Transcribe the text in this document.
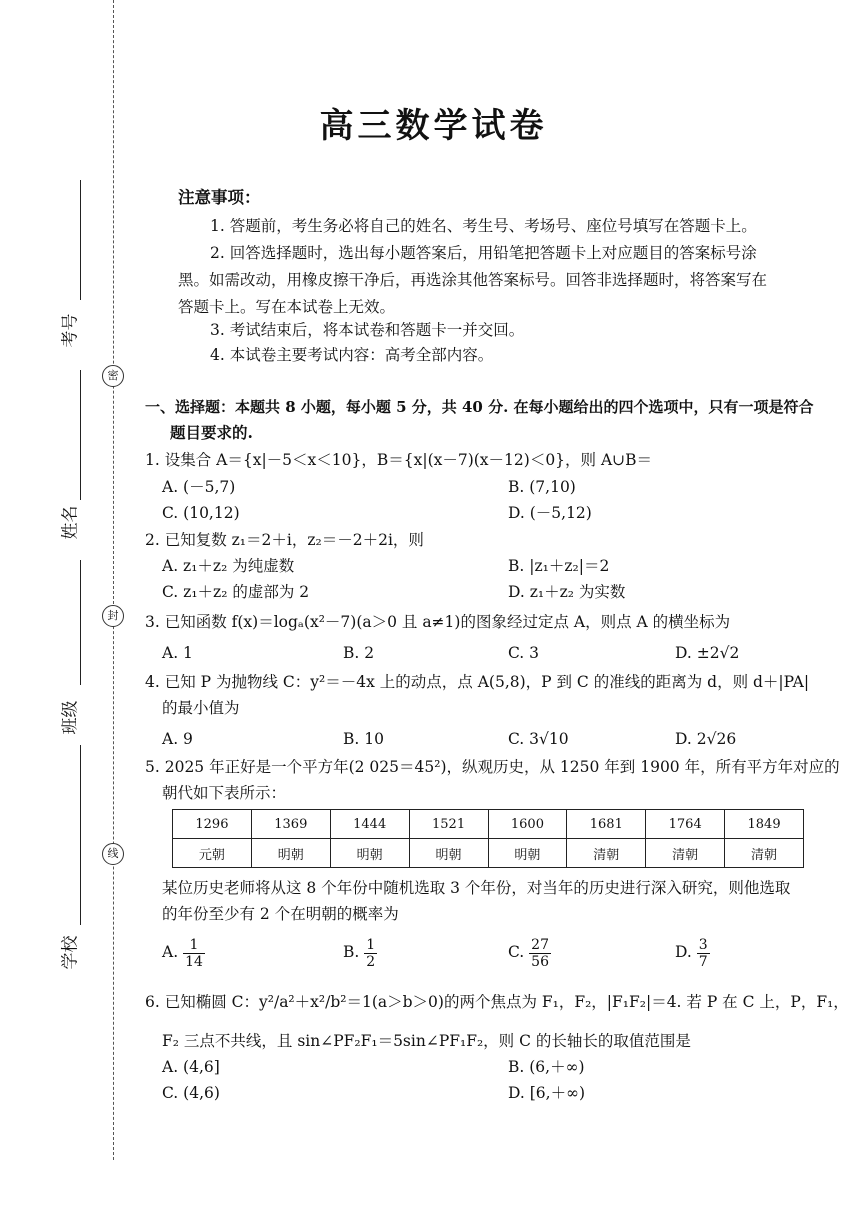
密
封
线
考号
姓名
班级
学校
高三数学试卷
注意事项：
1. 答题前，考生务必将自己的姓名、考生号、考场号、座位号填写在答题卡上。
2. 回答选择题时，选出每小题答案后，用铅笔把答题卡上对应题目的答案标号涂
黑。如需改动，用橡皮擦干净后，再选涂其他答案标号。回答非选择题时，将答案写在
答题卡上。写在本试卷上无效。
3. 考试结束后，将本试卷和答题卡一并交回。
4. 本试卷主要考试内容：高考全部内容。
一、选择题：本题共 8 小题，每小题 5 分，共 40 分. 在每小题给出的四个选项中，只有一项是符合
题目要求的.
1. 设集合 A＝{x|－5＜x＜10}，B＝{x|(x－7)(x－12)＜0}，则 A∪B＝
A. (－5,7)	B. (7,10)
C. (10,12)	D. (－5,12)
2. 已知复数 z₁＝2＋i，z₂＝－2＋2i，则
A. z₁＋z₂ 为纯虚数	B. |z₁＋z₂|＝2
C. z₁＋z₂ 的虚部为 2	D. z₁＋z₂ 为实数
3. 已知函数 f(x)＝logₐ(x²－7)(a＞0 且 a≠1)的图象经过定点 A，则点 A 的横坐标为
A. 1	B. 2	C. 3	D. ±2√2
4. 已知 P 为抛物线 C：y²＝－4x 上的动点，点 A(5,8)，P 到 C 的准线的距离为 d，则 d＋|PA|
的最小值为
A. 9	B. 10	C. 3√10	D. 2√26
5. 2025 年正好是一个平方年(2 025＝45²)，纵观历史，从 1250 年到 1900 年，所有平方年对应的
朝代如下表所示：
1296	1369	1444	1521	1600	1681	1764	1849
元朝	明朝	明朝	明朝	明朝	清朝	清朝	清朝
某位历史老师将从这 8 个年份中随机选取 3 个年份，对当年的历史进行深入研究，则他选取
的年份至少有 2 个在明朝的概率为
A. $\frac{1}{14}$	B. $\frac{1}{2}$	C. $\frac{27}{56}$	D. $\frac{3}{7}$
6. 已知椭圆 C：y²/a²＋x²/b²＝1(a＞b＞0)的两个焦点为 F₁，F₂，|F₁F₂|＝4. 若 P 在 C 上，P，F₁，
F₂ 三点不共线，且 sin∠PF₂F₁＝5sin∠PF₁F₂，则 C 的长轴长的取值范围是
A. (4,6]	B. (6,＋∞)
C. (4,6)	D. [6,＋∞)
